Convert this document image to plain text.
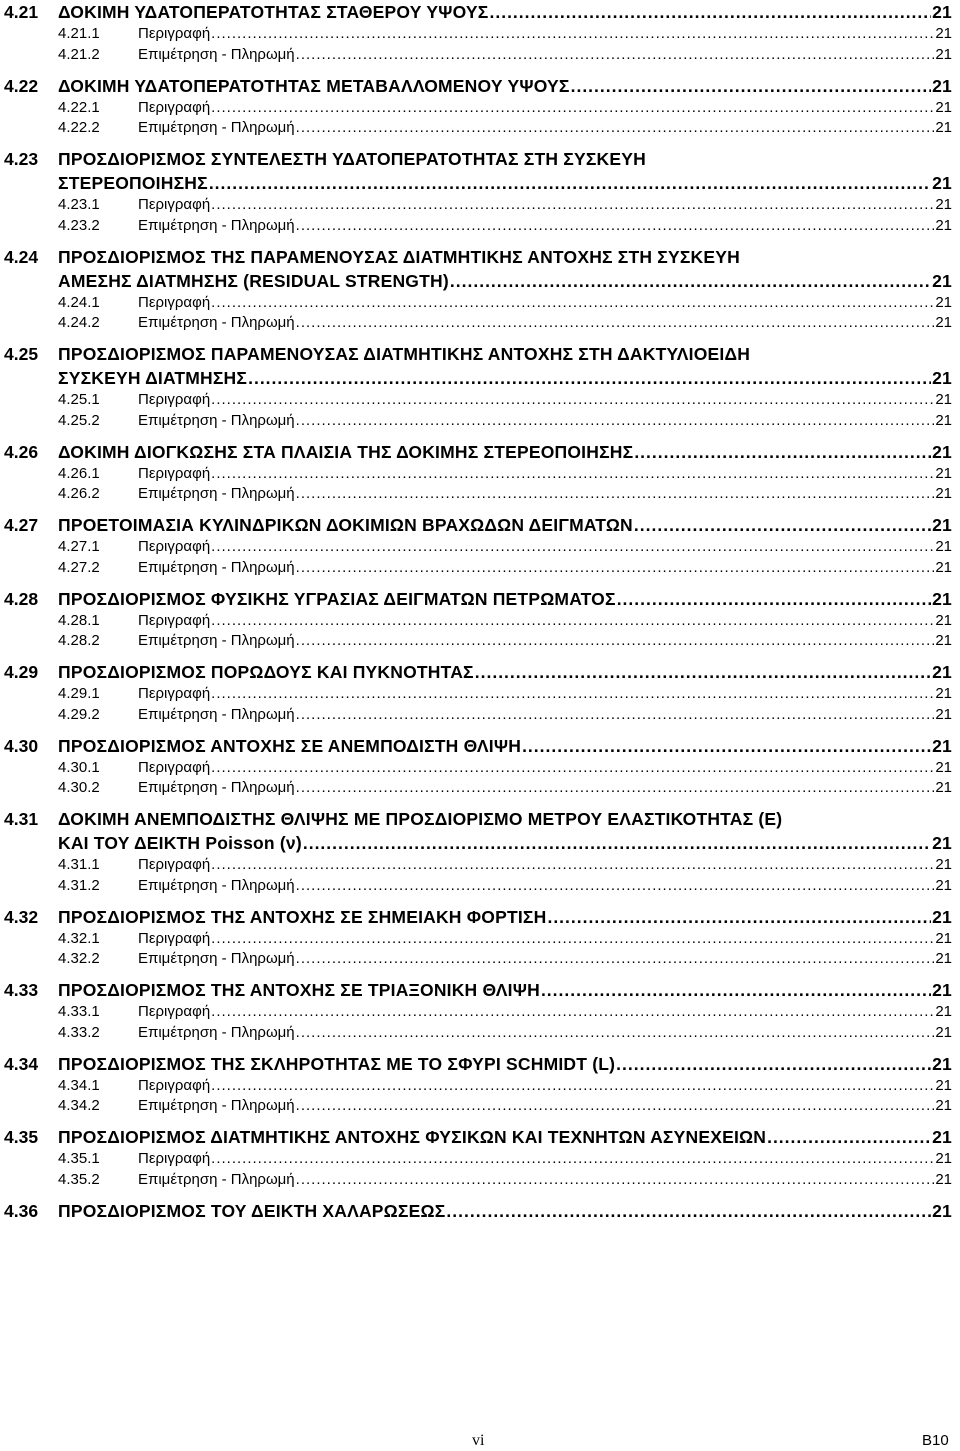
4.21	ΔΟΚΙΜΗ ΥΔΑΤΟΠΕΡΑΤΟΤΗΤΑΣ ΣΤΑΘΕΡΟΥ ΥΨΟΥΣ .....	21
4.21.1	Περιγραφή .....	21
4.21.2	Επιμέτρηση - Πληρωμή .....	21
4.22	ΔΟΚΙΜΗ ΥΔΑΤΟΠΕΡΑΤΟΤΗΤΑΣ ΜΕΤΑΒΑΛΛΟΜΕΝΟΥ ΥΨΟΥΣ .....	21
4.22.1	Περιγραφή .....	21
4.22.2	Επιμέτρηση - Πληρωμή .....	21
4.23	ΠΡΟΣΔΙΟΡΙΣΜΟΣ ΣΥΝΤΕΛΕΣΤΗ ΥΔΑΤΟΠΕΡΑΤΟΤΗΤΑΣ ΣΤΗ ΣΥΣΚΕΥΗ
ΣΤΕΡΕΟΠΟΙΗΣΗΣ .....	21
4.23.1	Περιγραφή .....	21
4.23.2	Επιμέτρηση - Πληρωμή .....	21
4.24	ΠΡΟΣΔΙΟΡΙΣΜΟΣ ΤΗΣ ΠΑΡΑΜΕΝΟΥΣΑΣ ΔΙΑΤΜΗΤΙΚΗΣ ΑΝΤΟΧΗΣ ΣΤΗ ΣΥΣΚΕΥΗ
ΑΜΕΣΗΣ ΔΙΑΤΜΗΣΗΣ (RESIDUAL STRENGTH) .....	21
4.24.1	Περιγραφή .....	21
4.24.2	Επιμέτρηση - Πληρωμή .....	21
4.25	ΠΡΟΣΔΙΟΡΙΣΜΟΣ ΠΑΡΑΜΕΝΟΥΣΑΣ ΔΙΑΤΜΗΤΙΚΗΣ ΑΝΤΟΧΗΣ ΣΤΗ ΔΑΚΤΥΛΙΟΕΙΔΗ
ΣΥΣΚΕΥΗ ΔΙΑΤΜΗΣΗΣ .....	21
4.25.1	Περιγραφή .....	21
4.25.2	Επιμέτρηση - Πληρωμή .....	21
4.26	ΔΟΚΙΜΗ ΔΙΟΓΚΩΣΗΣ ΣΤΑ ΠΛΑΙΣΙΑ ΤΗΣ ΔΟΚΙΜΗΣ ΣΤΕΡΕΟΠΟΙΗΣΗΣ .....	21
4.26.1	Περιγραφή .....	21
4.26.2	Επιμέτρηση - Πληρωμή .....	21
4.27	ΠΡΟΕΤΟΙΜΑΣΙΑ ΚΥΛΙΝΔΡΙΚΩΝ ΔΟΚΙΜΙΩΝ ΒΡΑΧΩΔΩΝ ΔΕΙΓΜΑΤΩΝ .....	21
4.27.1	Περιγραφή .....	21
4.27.2	Επιμέτρηση - Πληρωμή .....	21
4.28	ΠΡΟΣΔΙΟΡΙΣΜΟΣ ΦΥΣΙΚΗΣ ΥΓΡΑΣΙΑΣ ΔΕΙΓΜΑΤΩΝ ΠΕΤΡΩΜΑΤΟΣ .....	21
4.28.1	Περιγραφή .....	21
4.28.2	Επιμέτρηση - Πληρωμή .....	21
4.29	ΠΡΟΣΔΙΟΡΙΣΜΟΣ ΠΟΡΩΔΟΥΣ ΚΑΙ ΠΥΚΝΟΤΗΤΑΣ .....	21
4.29.1	Περιγραφή .....	21
4.29.2	Επιμέτρηση - Πληρωμή .....	21
4.30	ΠΡΟΣΔΙΟΡΙΣΜΟΣ ΑΝΤΟΧΗΣ ΣΕ ΑΝΕΜΠΟΔΙΣΤΗ ΘΛΙΨΗ .....	21
4.30.1	Περιγραφή .....	21
4.30.2	Επιμέτρηση - Πληρωμή .....	21
4.31	ΔΟΚΙΜΗ ΑΝΕΜΠΟΔΙΣΤΗΣ ΘΛΙΨΗΣ ΜΕ ΠΡΟΣΔΙΟΡΙΣΜΟ ΜΕΤΡΟΥ ΕΛΑΣΤΙΚΟΤΗΤΑΣ (Ε)
ΚΑΙ ΤΟΥ ΔΕΙΚΤΗ Poisson (ν) .....	21
4.31.1	Περιγραφή .....	21
4.31.2	Επιμέτρηση - Πληρωμή .....	21
4.32	ΠΡΟΣΔΙΟΡΙΣΜΟΣ ΤΗΣ ΑΝΤΟΧΗΣ ΣΕ ΣΗΜΕΙΑΚΗ ΦΟΡΤΙΣΗ .....	21
4.32.1	Περιγραφή .....	21
4.32.2	Επιμέτρηση - Πληρωμή .....	21
4.33	ΠΡΟΣΔΙΟΡΙΣΜΟΣ ΤΗΣ ΑΝΤΟΧΗΣ ΣΕ ΤΡΙΑΞΟΝΙΚΗ ΘΛΙΨΗ .....	21
4.33.1	Περιγραφή .....	21
4.33.2	Επιμέτρηση - Πληρωμή .....	21
4.34	ΠΡΟΣΔΙΟΡΙΣΜΟΣ ΤΗΣ ΣΚΛΗΡΟΤΗΤΑΣ ΜΕ ΤΟ ΣΦΥΡΙ SCHMIDT (L) .....	21
4.34.1	Περιγραφή .....	21
4.34.2	Επιμέτρηση - Πληρωμή .....	21
4.35	ΠΡΟΣΔΙΟΡΙΣΜΟΣ ΔΙΑΤΜΗΤΙΚΗΣ ΑΝΤΟΧΗΣ ΦΥΣΙΚΩΝ ΚΑΙ ΤΕΧΝΗΤΩΝ ΑΣΥΝΕΧΕΙΩΝ .....	21
4.35.1	Περιγραφή .....	21
4.35.2	Επιμέτρηση - Πληρωμή .....	21
4.36	ΠΡΟΣΔΙΟΡΙΣΜΟΣ ΤΟΥ ΔΕΙΚΤΗ ΧΑΛΑΡΩΣΕΩΣ .....	21
vi	B10
